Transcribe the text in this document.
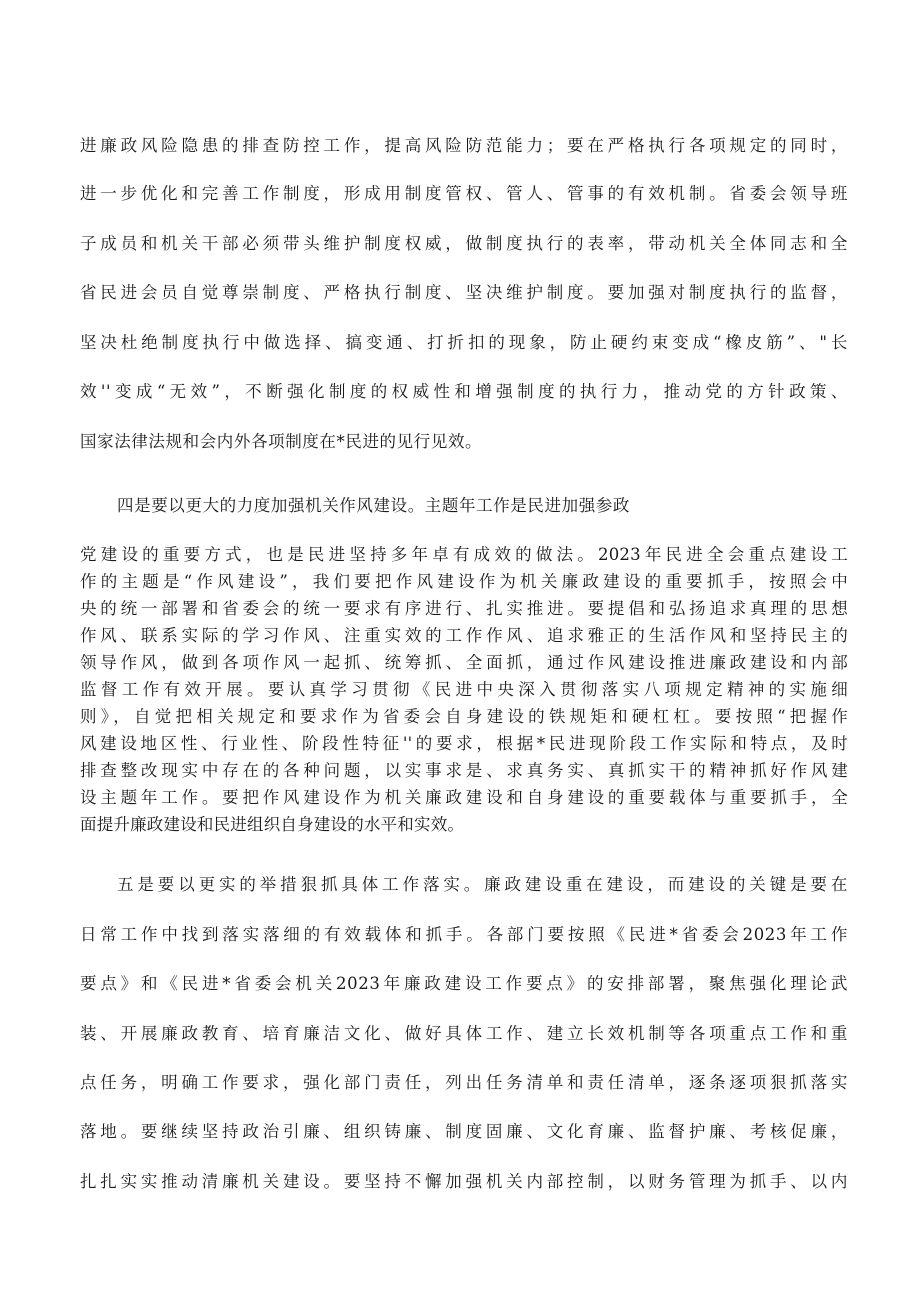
进廉政风险隐患的排查防控工作，提高风险防范能力；要在严格执行各项规定的同时，
进一步优化和完善工作制度，形成用制度管权、管人、管事的有效机制。省委会领导班
子成员和机关干部必须带头维护制度权威，做制度执行的表率，带动机关全体同志和全
省民进会员自觉尊崇制度、严格执行制度、坚决维护制度。要加强对制度执行的监督，
坚决杜绝制度执行中做选择、搞变通、打折扣的现象，防止硬约束变成“橡皮筋”、"长
效''变成“无效”，不断强化制度的权威性和增强制度的执行力，推动党的方针政策、
国家法律法规和会内外各项制度在*民进的见行见效。
四是要以更大的力度加强机关作风建设。主题年工作是民进加强参政
党建设的重要方式，也是民进坚持多年卓有成效的做法。2023年民进全会重点建设工
作的主题是“作风建设”，我们要把作风建设作为机关廉政建设的重要抓手，按照会中
央的统一部署和省委会的统一要求有序进行、扎实推进。要提倡和弘扬追求真理的思想
作风、联系实际的学习作风、注重实效的工作作风、追求雅正的生活作风和坚持民主的
领导作风，做到各项作风一起抓、统筹抓、全面抓，通过作风建设推进廉政建设和内部
监督工作有效开展。要认真学习贯彻《民进中央深入贯彻落实八项规定精神的实施细
则》，自觉把相关规定和要求作为省委会自身建设的铁规矩和硬杠杠。要按照“把握作
风建设地区性、行业性、阶段性特征''的要求，根据*民进现阶段工作实际和特点，及时
排查整改现实中存在的各种问题，以实事求是、求真务实、真抓实干的精神抓好作风建
设主题年工作。要把作风建设作为机关廉政建设和自身建设的重要载体与重要抓手，全
面提升廉政建设和民进组织自身建设的水平和实效。
五是要以更实的举措狠抓具体工作落实。廉政建设重在建设，而建设的关键是要在
日常工作中找到落实落细的有效载体和抓手。各部门要按照《民进*省委会2023年工作
要点》和《民进*省委会机关2023年廉政建设工作要点》的安排部署，聚焦强化理论武
装、开展廉政教育、培育廉洁文化、做好具体工作、建立长效机制等各项重点工作和重
点任务，明确工作要求，强化部门责任，列出任务清单和责任清单，逐条逐项狠抓落实
落地。要继续坚持政治引廉、组织铸廉、制度固廉、文化育廉、监督护廉、考核促廉，
扎扎实实推动清廉机关建设。要坚持不懈加强机关内部控制，以财务管理为抓手、以内
